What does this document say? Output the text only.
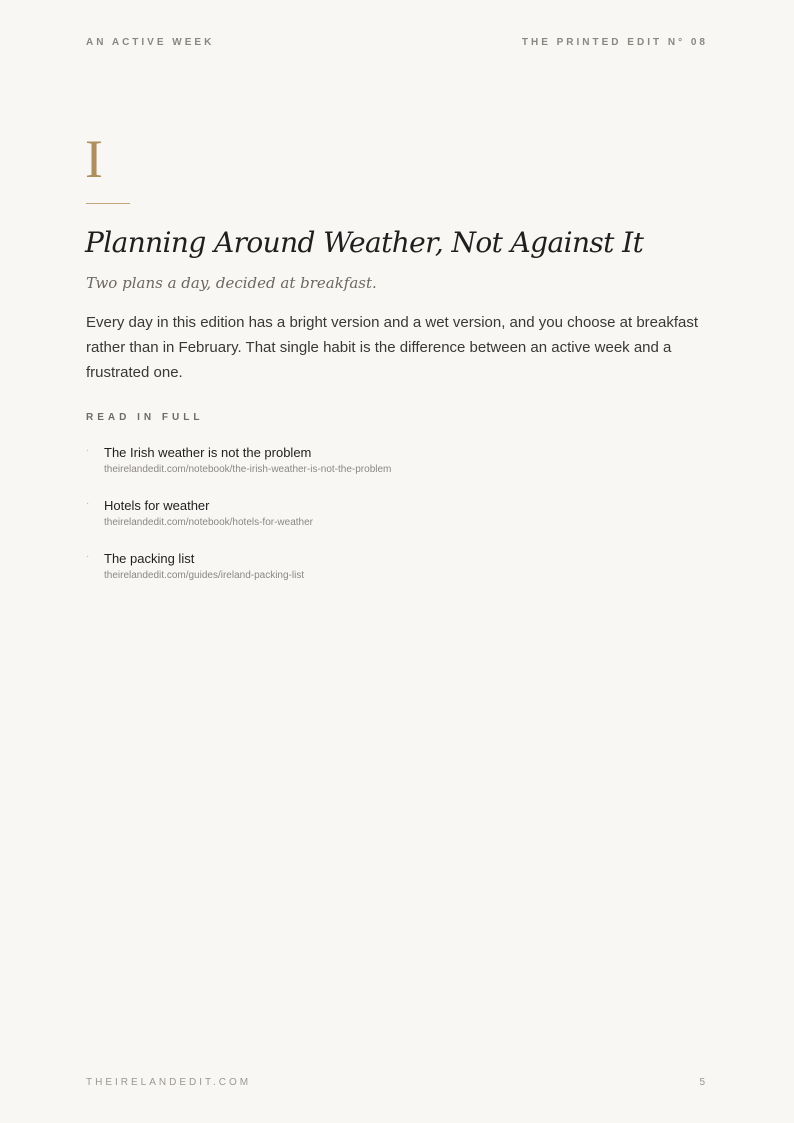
AN ACTIVE WEEK	THE PRINTED EDIT N° 08
I
Planning Around Weather, Not Against It

Two plans a day, decided at breakfast.

Every day in this edition has a bright version and a wet version, and you choose at breakfast rather than in February. That single habit is the difference between an active week and a frustrated one.

READ IN FULL
· The Irish weather is not the problem
theirelandedit.com/notebook/the-irish-weather-is-not-the-problem
· Hotels for weather
theirelandedit.com/notebook/hotels-for-weather
· The packing list
theirelandedit.com/guides/ireland-packing-list
THEIRELANDEDIT.COM	5
